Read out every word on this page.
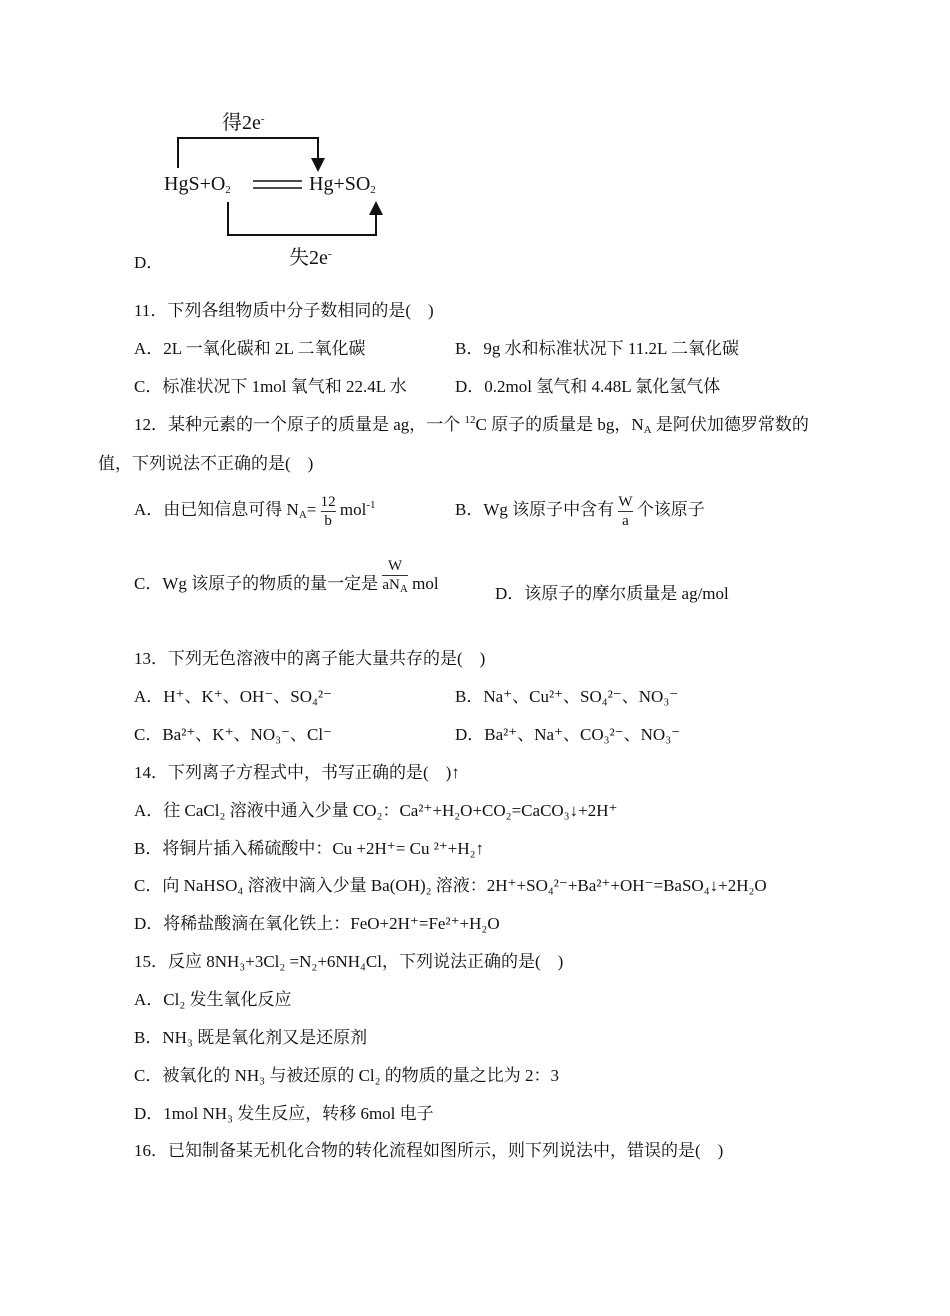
得2e-
$HgS+O_2$	$Hg+SO_2$
失2e-
D．
11．下列各组物质中分子数相同的是(　)
A．2L 一氧化碳和 2L 二氧化碳	B．9g 水和标准状况下 11.2L 二氧化碳
C．标准状况下 1mol 氧气和 22.4L 水	D．0.2mol 氢气和 4.48L 氯化氢气体
12．某种元素的一个原子的质量是 ag，一个 $^{12}$C 原子的质量是 bg，$N_A$ 是阿伏加德罗常数的
值，下列说法不正确的是(　)
A．由已知信息可得 $N_A= \frac{12}{b} mol^{-1}$	B．Wg 该原子中含有 $\frac{W}{a}$ 个该原子
C．Wg 该原子的物质的量一定是 $\frac{W}{aN_A}$ mol
D．该原子的摩尔质量是 ag/mol
13．下列无色溶液中的离子能大量共存的是(　)
A．H⁺、K⁺、OH⁻、SO₄²⁻	B．Na⁺、Cu²⁺、SO₄²⁻、NO₃⁻
C．Ba²⁺、K⁺、NO₃⁻、Cl⁻	D．Ba²⁺、Na⁺、CO₃²⁻、NO₃⁻
14．下列离子方程式中，书写正确的是(　)↑
A．往 CaCl₂ 溶液中通入少量 CO₂：Ca²⁺+H₂O+CO₂=CaCO₃↓+2H⁺
B．将铜片插入稀硫酸中：Cu +2H⁺= Cu ²⁺+H₂↑
C．向 NaHSO₄ 溶液中滴入少量 Ba(OH)₂ 溶液：2H⁺+SO₄²⁻+Ba²⁺+OH⁻=BaSO₄↓+2H₂O
D．将稀盐酸滴在氧化铁上：FeO+2H⁺=Fe²⁺+H₂O
15．反应 8NH₃+3Cl₂ =N₂+6NH₄Cl，下列说法正确的是(　)
A．Cl₂ 发生氧化反应
B．NH₃ 既是氧化剂又是还原剂
C．被氧化的 NH₃ 与被还原的 Cl₂ 的物质的量之比为 2：3
D．1mol NH₃ 发生反应，转移 6mol 电子
16．已知制备某无机化合物的转化流程如图所示，则下列说法中，错误的是(　)
